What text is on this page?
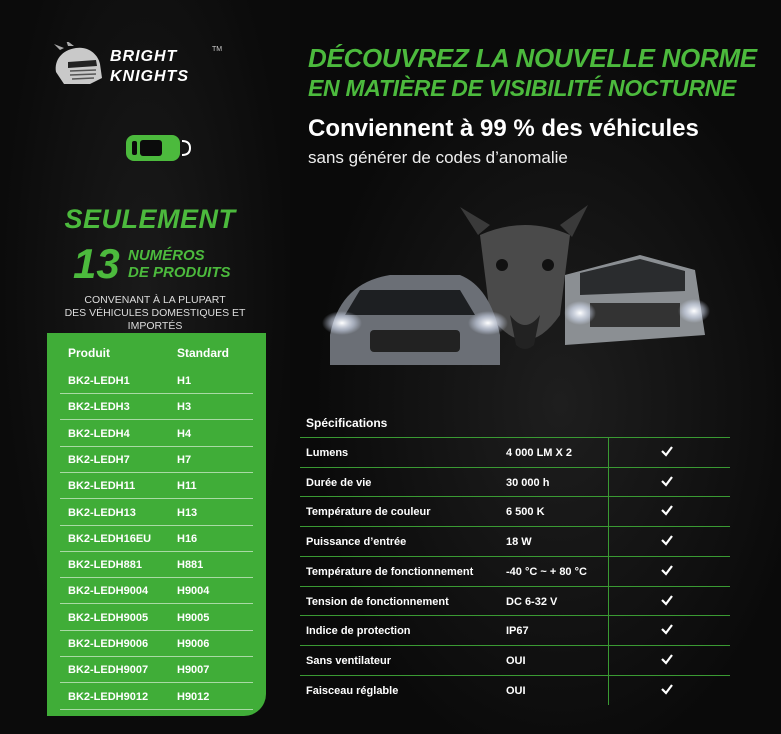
BRIGHT
KNIGHTS
TM
SEULEMENT
13 NUMÉROS
DE PRODUITS
CONVENANT À LA PLUPART
DES VÉHICULES DOMESTIQUES ET IMPORTÉS
Produit	Standard
BK2-LEDH1	H1
BK2-LEDH3	H3
BK2-LEDH4	H4
BK2-LEDH7	H7
BK2-LEDH11	H11
BK2-LEDH13	H13
BK2-LEDH16EU H16
BK2-LEDH881	H881
BK2-LEDH9004	H9004
BK2-LEDH9005	H9005
BK2-LEDH9006	H9006
BK2-LEDH9007	H9007
BK2-LEDH9012	H9012
DÉCOUVREZ LA NOUVELLE NORME
EN MATIÈRE DE VISIBILITÉ NOCTURNE
Conviennent à 99 % des véhicules
sans générer de codes d’anomalie
Spécifications
Lumens	4 000 LM X 2
Durée de vie	30 000 h
Température de couleur	6 500 K
Puissance d’entrée	18 W
Température de fonctionnement	-40 °C ~ + 80 °C
Tension de fonctionnement	DC 6-32 V
Indice de protection	IP67
Sans ventilateur	OUI
Faisceau réglable	OUI
